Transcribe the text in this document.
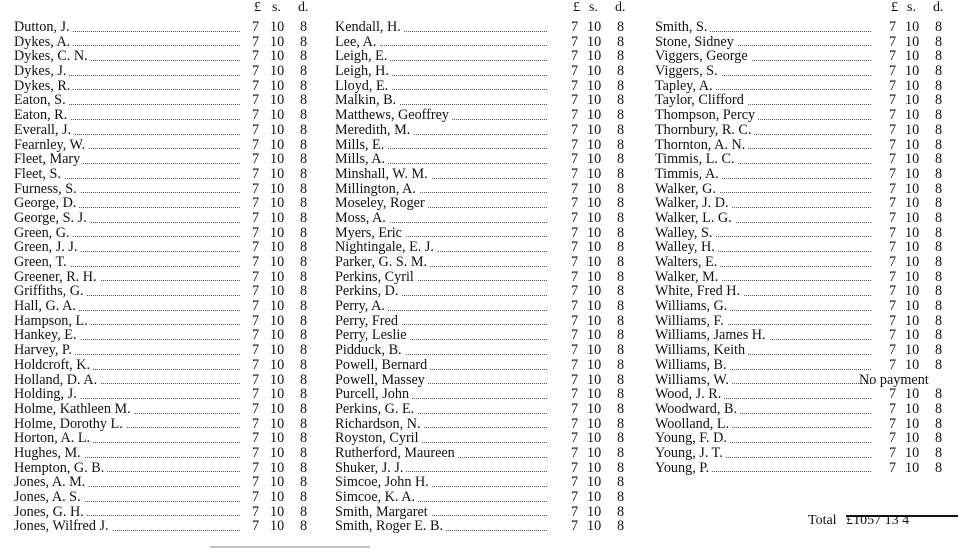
£ s. d.
Dutton, J.	7 10 8
Dykes, A.	7 10 8
Dykes, C. N.	7 10 8
Dykes, J.	7 10 8
Dykes, R.	7 10 8
Eaton, S.	7 10 8
Eaton, R.	7 10 8
Everall, J.	7 10 8
Fearnley, W.	7 10 8
Fleet, Mary	7 10 8
Fleet, S.	7 10 8
Furness, S.	7 10 8
George, D.	7 10 8
George, S. J.	7 10 8
Green, G.	7 10 8
Green, J. J.	7 10 8
Green, T.	7 10 8
Greener, R. H.	7 10 8
Griffiths, G.	7 10 8
Hall, G. A.	7 10 8
Hampson, L.	7 10 8
Hankey, E.	7 10 8
Harvey, P.	7 10 8
Holdcroft, K.	7 10 8
Holland, D. A.	7 10 8
Holding, J.	7 10 8
Holme, Kathleen M.	7 10 8
Holme, Dorothy L.	7 10 8
Horton, A. L.	7 10 8
Hughes, M.	7 10 8
Hempton, G. B.	7 10 8
Jones, A. M.	7 10 8
Jones, A. S.	7 10 8
Jones, G. H.	7 10 8
Jones, Wilfred J.	7 10 8
£ s. d.
Kendall, H.	7 10 8
Lee, A.	7 10 8
Leigh, E.	7 10 8
Leigh, H.	7 10 8
Lloyd, E.	7 10 8
Malkin, B.	7 10 8
Matthews, Geoffrey	7 10 8
Meredith, M.	7 10 8
Mills, E.	7 10 8
Mills, A.	7 10 8
Minshall, W. M.	7 10 8
Millington, A.	7 10 8
Moseley, Roger	7 10 8
Moss, A.	7 10 8
Myers, Eric	7 10 8
Nightingale, E. J.	7 10 8
Parker, G. S. M.	7 10 8
Perkins, Cyril	7 10 8
Perkins, D.	7 10 8
Perry, A.	7 10 8
Perry, Fred	7 10 8
Perry, Leslie	7 10 8
Pidduck, B.	7 10 8
Powell, Bernard	7 10 8
Powell, Massey	7 10 8
Purcell, John	7 10 8
Perkins, G. E.	7 10 8
Richardson, N.	7 10 8
Royston, Cyril	7 10 8
Rutherford, Maureen	7 10 8
Shuker, J. J.	7 10 8
Simcoe, John H.	7 10 8
Simcoe, K. A.	7 10 8
Smith, Margaret	7 10 8
Smith, Roger E. B.	7 10 8
£ s. d.
Smith, S.	7 10 8
Stone, Sidney	7 10 8
Viggers, George	7 10 8
Viggers, S.	7 10 8
Tapley, A.	7 10 8
Taylor, Clifford	7 10 8
Thompson, Percy	7 10 8
Thornbury, R. C.	7 10 8
Thornton, A. N.	7 10 8
Timmis, L. C.	7 10 8
Timmis, A.	7 10 8
Walker, G.	7 10 8
Walker, J. D.	7 10 8
Walker, L. G.	7 10 8
Walley, S.	7 10 8
Walley, H.	7 10 8
Walters, E.	7 10 8
Walker, M.	7 10 8
White, Fred H.	7 10 8
Williams, G.	7 10 8
Williams, F.	7 10 8
Williams, James H.	7 10 8
Williams, Keith	7 10 8
Williams, B.	7 10 8
Williams, W.	No payment
Wood, J. R.	7 10 8
Woodward, B.	7 10 8
Woolland, L.	7 10 8
Young, F. D.	7 10 8
Young, J. T.	7 10 8
Young, P.	7 10 8
Total £1057 13 4
